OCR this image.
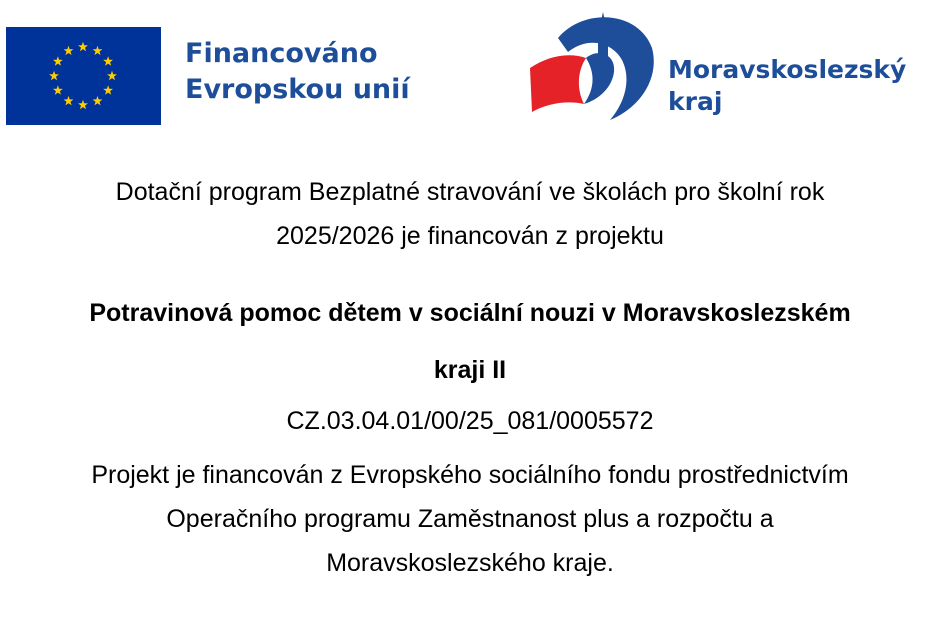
Financováno
Evropskou unií
Moravskoslezský
kraj
Dotační program Bezplatné stravování ve školách pro školní rok
2025/2026 je financován z projektu
Potravinová pomoc dětem v sociální nouzi v Moravskoslezském
kraji II
CZ.03.04.01/00/25_081/0005572
Projekt je financován z Evropského sociálního fondu prostřednictvím
Operačního programu Zaměstnanost plus a rozpočtu a
Moravskoslezského kraje.
